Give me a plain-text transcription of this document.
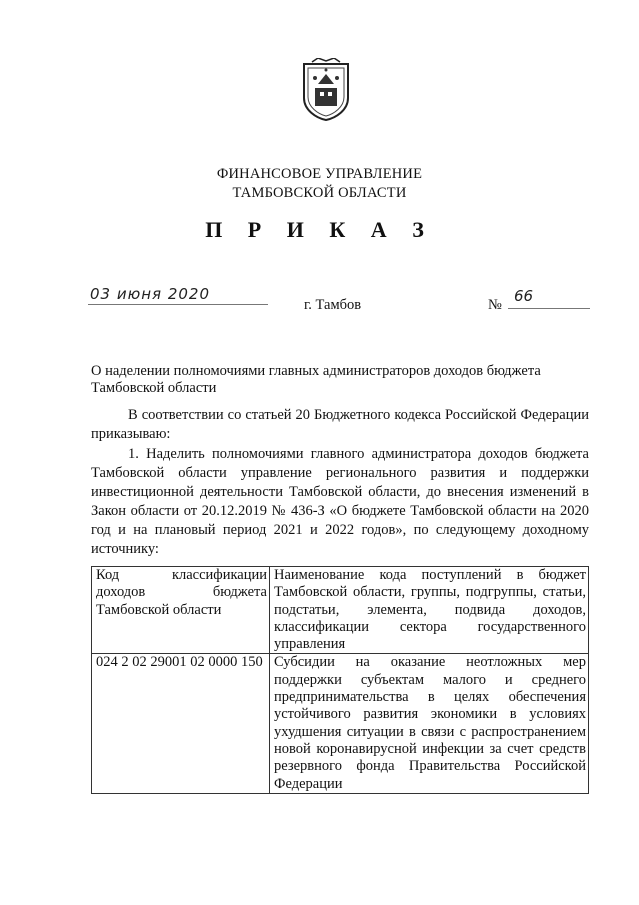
ФИНАНСОВОЕ УПРАВЛЕНИЕ
ТАМБОВСКОЙ ОБЛАСТИ
П Р И К А З
03 июня 2020
г. Тамбов	№ 66
О наделении полномочиями главных администраторов доходов бюджета Тамбовской области
В соответствии со статьей 20 Бюджетного кодекса Российской Федерации приказываю:
1. Наделить полномочиями главного администратора доходов бюджета Тамбовской области управление регионального развития и поддержки инвестиционной деятельности Тамбовской области, до внесения изменений в Закон области от 20.12.2019 № 436-З «О бюджете Тамбовской области на 2020 год и на плановый период 2021 и 2022 годов», по следующему доходному источнику:
Код классификации доходов бюджета Тамбовской области	Наименование кода поступлений в бюджет Тамбовской области, группы, подгруппы, статьи, подстатьи, элемента, подвида доходов, классификации сектора государственного управления
024 2 02 29001 02 0000 150	Субсидии на оказание неотложных мер поддержки субъектам малого и среднего предпринимательства в целях обеспечения устойчивого развития экономики в условиях ухудшения ситуации в связи с распространением новой коронавирусной инфекции за счет средств резервного фонда Правительства Российской Федерации
